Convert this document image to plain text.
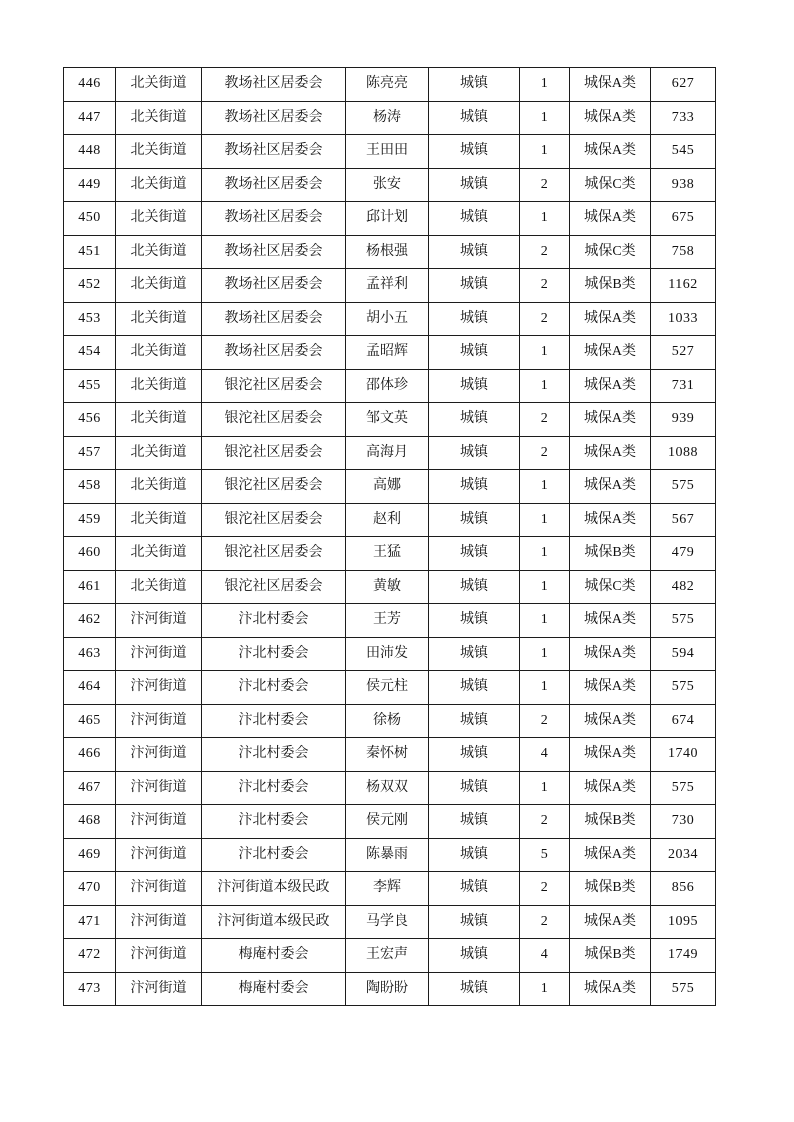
446	北关街道	教场社区居委会	陈亮亮	城镇	1	城保A类	627
447	北关街道	教场社区居委会	杨涛	城镇	1	城保A类	733
448	北关街道	教场社区居委会	王田田	城镇	1	城保A类	545
449	北关街道	教场社区居委会	张安	城镇	2	城保C类	938
450	北关街道	教场社区居委会	邱计划	城镇	1	城保A类	675
451	北关街道	教场社区居委会	杨根强	城镇	2	城保C类	758
452	北关街道	教场社区居委会	孟祥利	城镇	2	城保B类	1162
453	北关街道	教场社区居委会	胡小五	城镇	2	城保A类	1033
454	北关街道	教场社区居委会	孟昭辉	城镇	1	城保A类	527
455	北关街道	银沱社区居委会	邵体珍	城镇	1	城保A类	731
456	北关街道	银沱社区居委会	邹文英	城镇	2	城保A类	939
457	北关街道	银沱社区居委会	高海月	城镇	2	城保A类	1088
458	北关街道	银沱社区居委会	高娜	城镇	1	城保A类	575
459	北关街道	银沱社区居委会	赵利	城镇	1	城保A类	567
460	北关街道	银沱社区居委会	王猛	城镇	1	城保B类	479
461	北关街道	银沱社区居委会	黄敏	城镇	1	城保C类	482
462	汴河街道	汴北村委会	王芳	城镇	1	城保A类	575
463	汴河街道	汴北村委会	田沛发	城镇	1	城保A类	594
464	汴河街道	汴北村委会	侯元柱	城镇	1	城保A类	575
465	汴河街道	汴北村委会	徐杨	城镇	2	城保A类	674
466	汴河街道	汴北村委会	秦怀树	城镇	4	城保A类	1740
467	汴河街道	汴北村委会	杨双双	城镇	1	城保A类	575
468	汴河街道	汴北村委会	侯元刚	城镇	2	城保B类	730
469	汴河街道	汴北村委会	陈暴雨	城镇	5	城保A类	2034
470	汴河街道	汴河街道本级民政	李辉	城镇	2	城保B类	856
471	汴河街道	汴河街道本级民政	马学良	城镇	2	城保A类	1095
472	汴河街道	梅庵村委会	王宏声	城镇	4	城保B类	1749
473	汴河街道	梅庵村委会	陶盼盼	城镇	1	城保A类	575
